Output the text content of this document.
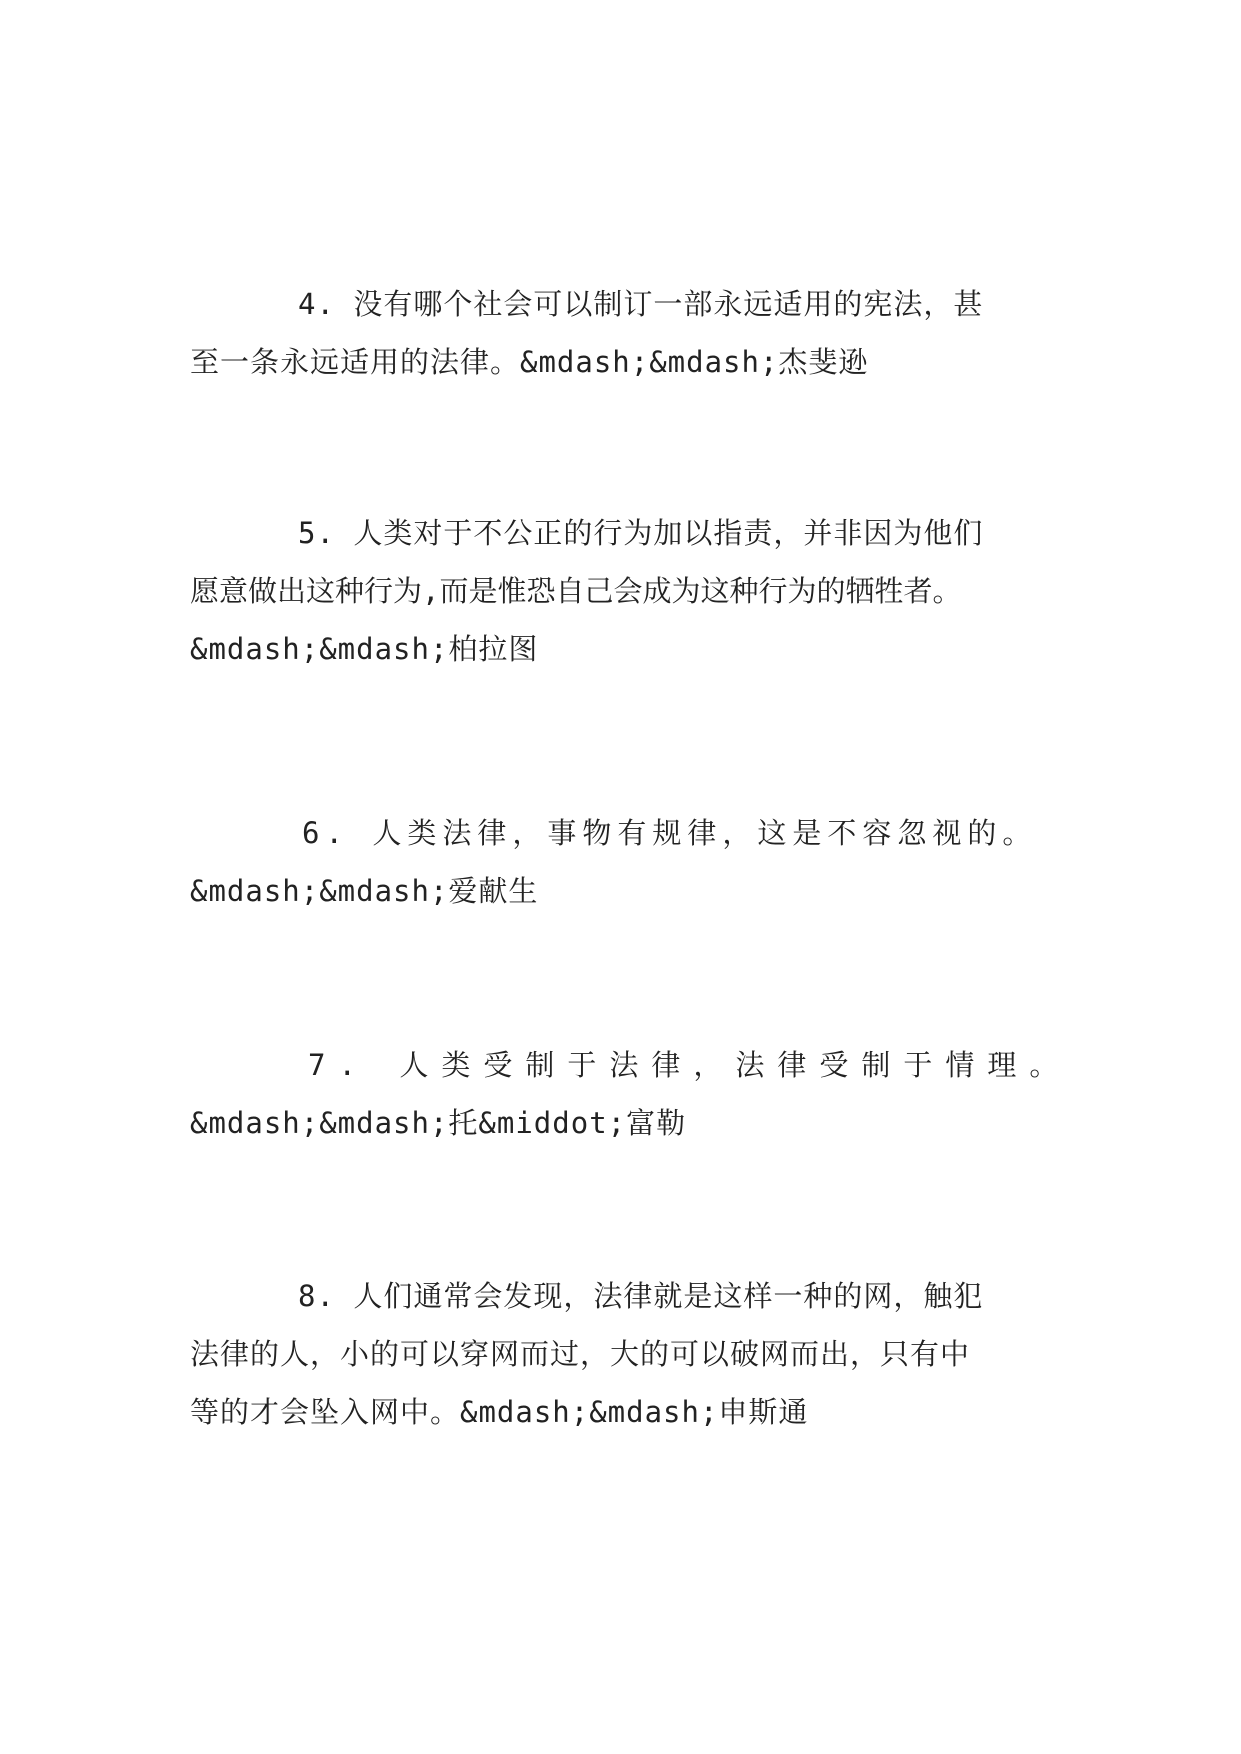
4. 没有哪个社会可以制订一部永远适用的宪法，甚
至一条永远适用的法律。&mdash;&mdash;杰斐逊
5. 人类对于不公正的行为加以指责，并非因为他们
愿意做出这种行为,而是惟恐自己会成为这种行为的牺牲者。
&mdash;&mdash;柏拉图
6. 人类法律，事物有规律，这是不容忽视的。
&mdash;&mdash;爱献生
7. 人类受制于法律，法律受制于情理。
&mdash;&mdash;托&middot;富勒
8. 人们通常会发现，法律就是这样一种的网，触犯
法律的人，小的可以穿网而过，大的可以破网而出，只有中
等的才会坠入网中。&mdash;&mdash;申斯通
